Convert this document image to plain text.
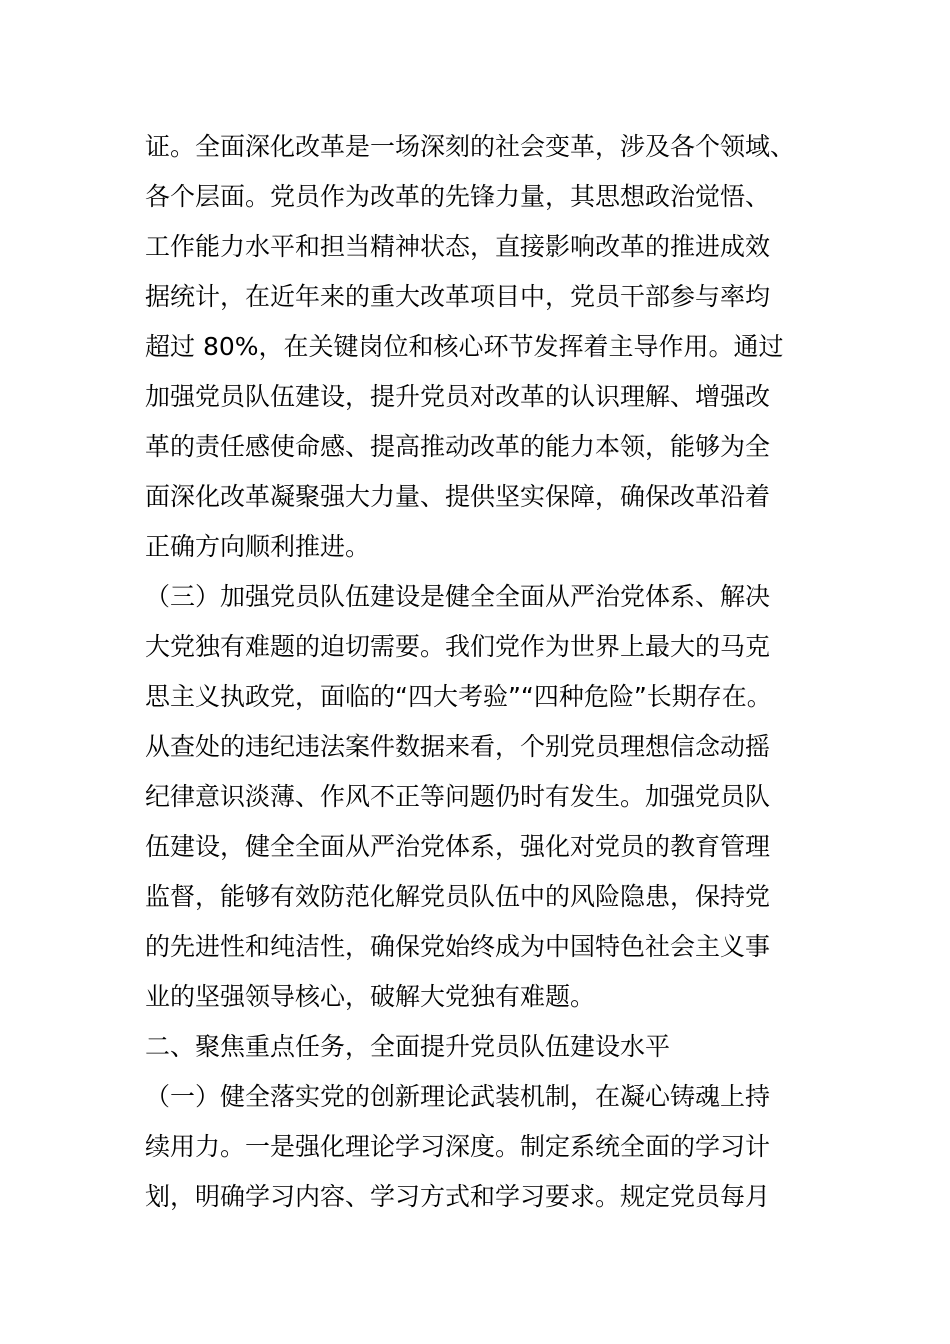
证。全面深化改革是一场深刻的社会变革，涉及各个领域、
各个层面。党员作为改革的先锋力量，其思想政治觉悟、
工作能力水平和担当精神状态，直接影响改革的推进成效
据统计，在近年来的重大改革项目中，党员干部参与率均
超过 80%，在关键岗位和核心环节发挥着主导作用。通过
加强党员队伍建设，提升党员对改革的认识理解、增强改
革的责任感使命感、提高推动改革的能力本领，能够为全
面深化改革凝聚强大力量、提供坚实保障，确保改革沿着
正确方向顺利推进。
（三）加强党员队伍建设是健全全面从严治党体系、解决
大党独有难题的迫切需要。我们党作为世界上最大的马克
思主义执政党，面临的“四大考验”“四种危险”长期存在。
从查处的违纪违法案件数据来看，个别党员理想信念动摇
纪律意识淡薄、作风不正等问题仍时有发生。加强党员队
伍建设，健全全面从严治党体系，强化对党员的教育管理
监督，能够有效防范化解党员队伍中的风险隐患，保持党
的先进性和纯洁性，确保党始终成为中国特色社会主义事
业的坚强领导核心，破解大党独有难题。
二、聚焦重点任务，全面提升党员队伍建设水平
（一）健全落实党的创新理论武装机制，在凝心铸魂上持
续用力。一是强化理论学习深度。制定系统全面的学习计
划，明确学习内容、学习方式和学习要求。规定党员每月
